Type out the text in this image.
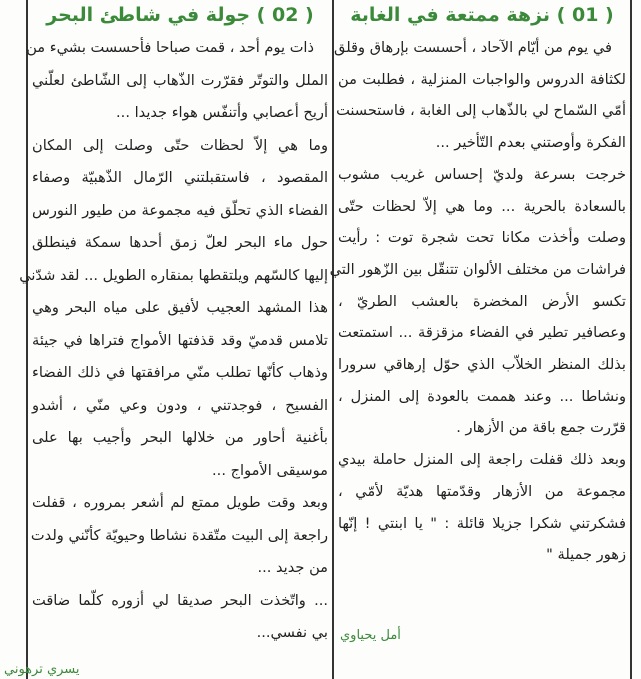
( 01 ) نزهة ممتعة في الغابة
أمل يحياوي
في يوم من أيّام الآحاد ، أحسست بإرهاق وقلق
لكثافة الدروس والواجبات المنزلية ، فطلبت من
أمّي السّماح لي بالذّهاب إلى الغابة ، فاستحسنت
الفكرة وأوصتني بعدم التّأخير ...
خرجت بسرعة ولديّ إحساس غريب مشوب
بالسعادة بالحرية ... وما هي إلاّ لحظات حتّى
وصلت وأخذت مكانا تحت شجرة توت : رأيت
فراشات من مختلف الألوان تتنقّل بين الزّهور التي
تكسو الأرض المخضرة بالعشب الطريّ ،
وعصافير تطير في الفضاء مزقزقة ... استمتعت
بذلك المنظر الخلاّب الذي حوّل إرهاقي سرورا
ونشاطا ... وعند هممت بالعودة إلى المنزل ،
قرّرت جمع باقة من الأزهار .
وبعد ذلك قفلت راجعة إلى المنزل حاملة بيدي
مجموعة من الأزهار وقدّمتها هديّة لأمّي ،
فشكرتني شكرا جزيلا قائلة : " يا ابنتي ! إنّها
زهور جميلة "
( 02 ) جولة في شاطئ البحر
يسري ترهوني
ذات يوم أحد ، قمت صباحا فأحسست بشيء من
الملل والتوتّر فقرّرت الذّهاب إلى الشّاطئ لعلّني
أريح أعصابي وأتنفّس هواء جديدا ...
وما هي إلاّ لحظات حتّى وصلت إلى المكان
المقصود ، فاستقبلتني الرّمال الذّهبيّة وصفاء
الفضاء الذي تحلّق فيه مجموعة من طيور النورس
حول ماء البحر لعلّ زمق أحدها سمكة فينطلق
إليها كالسّهم ويلتقطها بمنقاره الطويل ... لقد شدّني
هذا المشهد العجيب لأفيق على مياه البحر وهي
تلامس قدميّ وقد قذفتها الأمواج فتراها في جيئة
وذهاب كأنّها تطلب منّي مرافقتها في ذلك الفضاء
الفسيح ، فوجدتني ، ودون وعي منّي ، أشدو
بأغنية أحاور من خلالها البحر وأجيب بها على
موسيقى الأمواج ...
وبعد وقت طويل ممتع لم أشعر بمروره ، قفلت
راجعة إلى البيت متّقدة نشاطا وحيويّة كأنّني ولدت
من جديد ...
... واتّخذت البحر صديقا لي أزوره كلّما ضاقت
بي نفسي...
